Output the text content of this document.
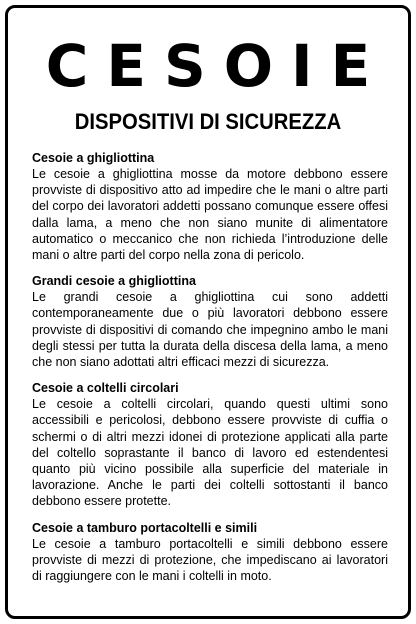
CESOIE
DISPOSITIVI DI SICUREZZA
Cesoie a ghigliottina
Le cesoie a ghigliottina mosse da motore debbono essere provviste di dispositivo atto ad impedire che le mani o altre parti del corpo dei lavoratori addetti possano comunque essere offesi dalla lama, a meno che non siano munite di alimentatore automatico o meccanico che non richieda l’introduzione delle mani o altre parti del corpo nella zona di pericolo.
Grandi cesoie a ghigliottina
Le grandi cesoie a ghigliottina cui sono addetti contemporaneamente due o più lavoratori debbono essere provviste di dispositivi di comando che impegnino ambo le mani degli stessi per tutta la durata della discesa della lama, a meno che non siano adottati altri efficaci mezzi di sicurezza.
Cesoie a coltelli circolari
Le cesoie a coltelli circolari, quando questi ultimi sono accessibili e pericolosi, debbono essere provviste di cuffia o schermi o di altri mezzi idonei di protezione applicati alla parte del coltello soprastante il banco di lavoro ed estendentesi quanto più vicino possibile alla superficie del materiale in lavorazione. Anche le parti dei coltelli sottostanti il banco debbono essere protette.
Cesoie a tamburo portacoltelli e simili
Le cesoie a tamburo portacoltelli e simili debbono essere provviste di mezzi di protezione, che impediscano ai lavoratori di raggiungere con le mani i coltelli in moto.
